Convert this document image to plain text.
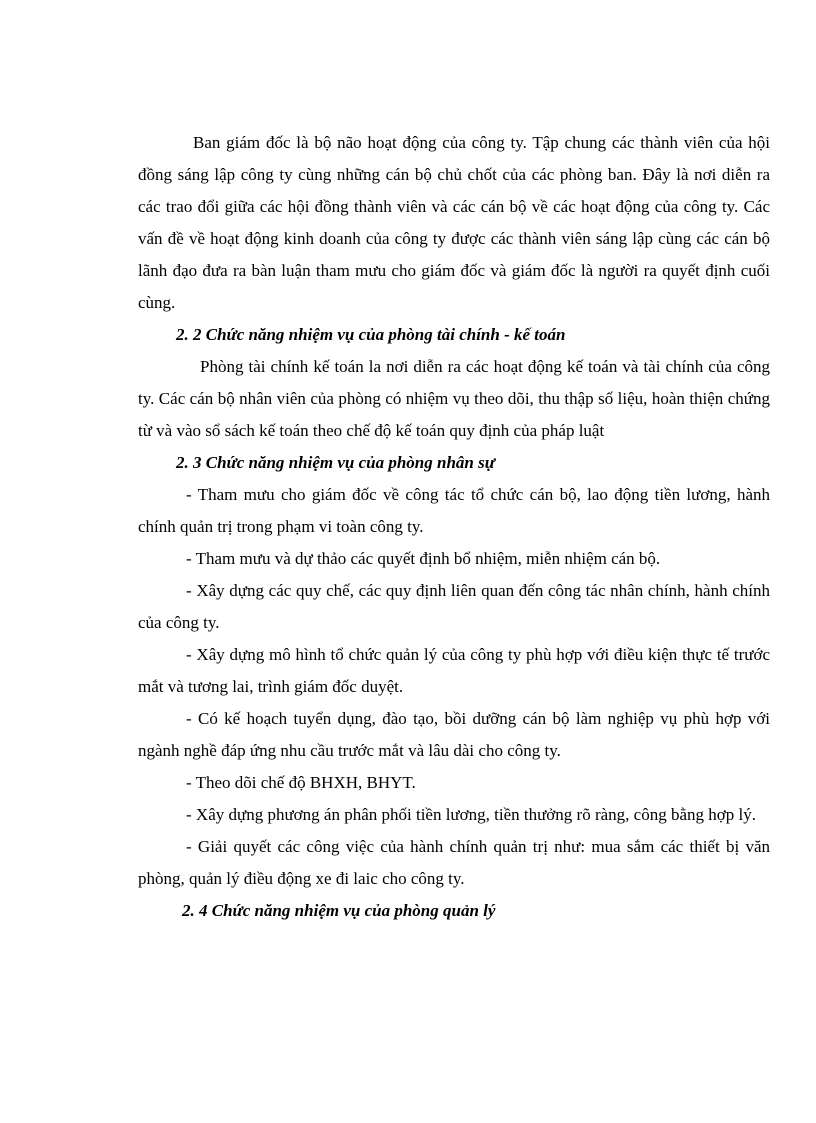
Ban giám đốc là bộ não hoạt động của công ty. Tập chung các thành viên của hội đồng sáng lập công ty cùng những cán bộ chủ chốt của các phòng ban. Đây là nơi diễn ra các trao đổi giữa các hội đồng thành viên và các cán bộ về các hoạt động của công ty. Các vấn đề về hoạt động kinh doanh của công ty được các thành viên sáng lập cùng các cán bộ lãnh đạo đưa ra bàn luận tham mưu cho giám đốc và giám đốc là người ra quyết định cuối cùng.

2. 2 Chức năng nhiệm vụ của phòng tài chính - kế toán

Phòng tài chính kế toán la nơi diễn ra các hoạt động kế toán và tài chính của công ty. Các cán bộ nhân viên của phòng có nhiệm vụ theo dõi, thu thập số liệu, hoàn thiện chứng từ và vào sổ sách kế toán theo chế độ kế toán quy định của pháp luật

2. 3 Chức năng nhiệm vụ của phòng nhân sự

- Tham mưu cho giám đốc về công tác tổ chức cán bộ, lao động tiền lương, hành chính quản trị trong phạm vi toàn công ty.

- Tham mưu và dự thảo các quyết định bổ nhiệm, miễn nhiệm cán bộ.

- Xây dựng các quy chế, các quy định liên quan đến công tác nhân chính, hành chính của công ty.

- Xây dựng mô hình tổ chức quản lý của công ty phù hợp với điều kiện thực tế trước mắt và tương lai, trình giám đốc duyệt.

- Có kế hoạch tuyển dụng, đào tạo, bồi dưỡng cán bộ làm nghiệp vụ phù hợp với ngành nghề đáp ứng nhu cầu trước mắt và lâu dài cho công ty.

- Theo dõi chế độ BHXH, BHYT.

- Xây dựng phương án phân phối tiền lương, tiền thưởng rõ ràng, công bằng hợp lý.

- Giải quyết các công việc của hành chính quản trị như: mua sắm các thiết bị văn phòng, quản lý điều động xe đi laic cho công ty.

2. 4 Chức năng nhiệm vụ của phòng quản lý
